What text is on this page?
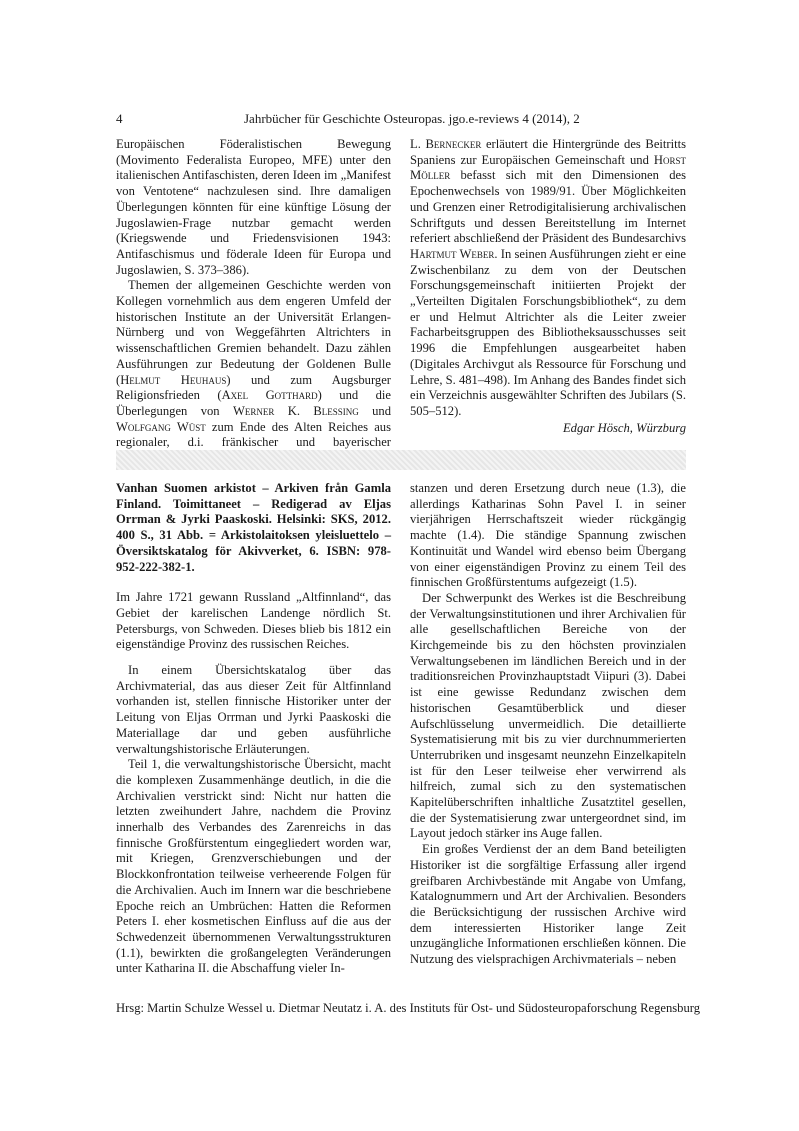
4	Jahrbücher für Geschichte Osteuropas. jgo.e-reviews 4 (2014), 2

Europäischen Föderalistischen Bewegung (Movimento Federalista Europeo, MFE) unter den italienischen Antifaschisten, deren Ideen im „Manifest von Ventotene“ nachzulesen sind. Ihre damaligen Überlegungen könnten für eine künftige Lösung der Jugoslawien-Frage nutzbar gemacht werden (Kriegswende und Friedensvisionen 1943: Antifaschismus und föderale Ideen für Europa und Jugoslawien, S. 373–386).

Themen der allgemeinen Geschichte werden von Kollegen vornehmlich aus dem engeren Umfeld der historischen Institute an der Universität Erlangen-Nürnberg und von Weggefährten Altrichters in wissenschaftlichen Gremien behandelt. Dazu zählen Ausführungen zur Bedeutung der Goldenen Bulle (Helmut Heuhaus) und zum Augsburger Religionsfrieden (Axel Gotthard) und die Überlegungen von Werner K. Blessing und Wolfgang Wüst zum Ende des Alten Reiches aus regionaler, d.i. fränkischer und bayerischer

L. Bernecker erläutert die Hintergründe des Beitritts Spaniens zur Europäischen Gemeinschaft und Horst Möller befasst sich mit den Dimensionen des Epochenwechsels von 1989/91. Über Möglichkeiten und Grenzen einer Retrodigitalisierung archivalischen Schriftguts und dessen Bereitstellung im Internet referiert abschließend der Präsident des Bundesarchivs Hartmut Weber. In seinen Ausführungen zieht er eine Zwischenbilanz zu dem von der Deutschen Forschungsgemeinschaft initiierten Projekt der „Verteilten Digitalen Forschungsbibliothek“, zu dem er und Helmut Altrichter als die Leiter zweier Facharbeitsgruppen des Bibliotheksausschusses seit 1996 die Empfehlungen ausgearbeitet haben (Digitales Archivgut als Ressource für Forschung und Lehre, S. 481–498). Im Anhang des Bandes findet sich ein Verzeichnis ausgewählter Schriften des Jubilars (S. 505–512).

Edgar Hösch, Würzburg

Vanhan Suomen arkistot – Arkiven från Gamla Finland. Toimittaneet – Redigerad av Eljas Orrman & Jyrki Paaskoski. Helsinki: SKS, 2012. 400 S., 31 Abb. = Arkistolaitoksen yleisluettelo – Översiktskatalog för Akivverket, 6. ISBN: 978-952-222-382-1.

Im Jahre 1721 gewann Russland „Altfinnland“, das Gebiet der karelischen Landenge nördlich St. Petersburgs, von Schweden. Dieses blieb bis 1812 ein eigenständige Provinz des russischen Reiches.

In einem Übersichtskatalog über das Archivmaterial, das aus dieser Zeit für Altfinnland vorhanden ist, stellen finnische Historiker unter der Leitung von Eljas Orrman und Jyrki Paaskoski die Materiallage dar und geben ausführliche verwaltungshistorische Erläuterungen.

Teil 1, die verwaltungshistorische Übersicht, macht die komplexen Zusammenhänge deutlich, in die die Archivalien verstrickt sind: Nicht nur hatten die letzten zweihundert Jahre, nachdem die Provinz innerhalb des Verbandes des Zarenreichs in das finnische Großfürstentum eingegliedert worden war, mit Kriegen, Grenzverschiebungen und der Blockkonfrontation teilweise verheerende Folgen für die Archivalien. Auch im Innern war die beschriebene Epoche reich an Umbrüchen: Hatten die Reformen Peters I. eher kosmetischen Einfluss auf die aus der Schwedenzeit übernommenen Verwaltungsstrukturen (1.1), bewirkten die großangelegten Veränderungen unter Katharina II. die Abschaffung vieler In-

stanzen und deren Ersetzung durch neue (1.3), die allerdings Katharinas Sohn Pavel I. in seiner vierjährigen Herrschaftszeit wieder rückgängig machte (1.4). Die ständige Spannung zwischen Kontinuität und Wandel wird ebenso beim Übergang von einer eigenständigen Provinz zu einem Teil des finnischen Großfürstentums aufgezeigt (1.5).

Der Schwerpunkt des Werkes ist die Beschreibung der Verwaltungsinstitutionen und ihrer Archivalien für alle gesellschaftlichen Bereiche von der Kirchgemeinde bis zu den höchsten provinzialen Verwaltungsebenen im ländlichen Bereich und in der traditionsreichen Provinzhauptstadt Viipuri (3). Dabei ist eine gewisse Redundanz zwischen dem historischen Gesamtüberblick und dieser Aufschlüsselung unvermeidlich. Die detaillierte Systematisierung mit bis zu vier durchnummerierten Unterrubriken und insgesamt neunzehn Einzelkapiteln ist für den Leser teilweise eher verwirrend als hilfreich, zumal sich zu den systematischen Kapitelüberschriften inhaltliche Zusatztitel gesellen, die der Systematisierung zwar untergeordnet sind, im Layout jedoch stärker ins Auge fallen.

Ein großes Verdienst der an dem Band beteiligten Historiker ist die sorgfältige Erfassung aller irgend greifbaren Archivbestände mit Angabe von Umfang, Katalognummern und Art der Archivalien. Besonders die Berücksichtigung der russischen Archive wird dem interessierten Historiker lange Zeit unzugängliche Informationen erschließen können. Die Nutzung des vielsprachigen Archivmaterials – neben

Hrsg: Martin Schulze Wessel u. Dietmar Neutatz i. A. des Instituts für Ost- und Südosteuropaforschung Regensburg
